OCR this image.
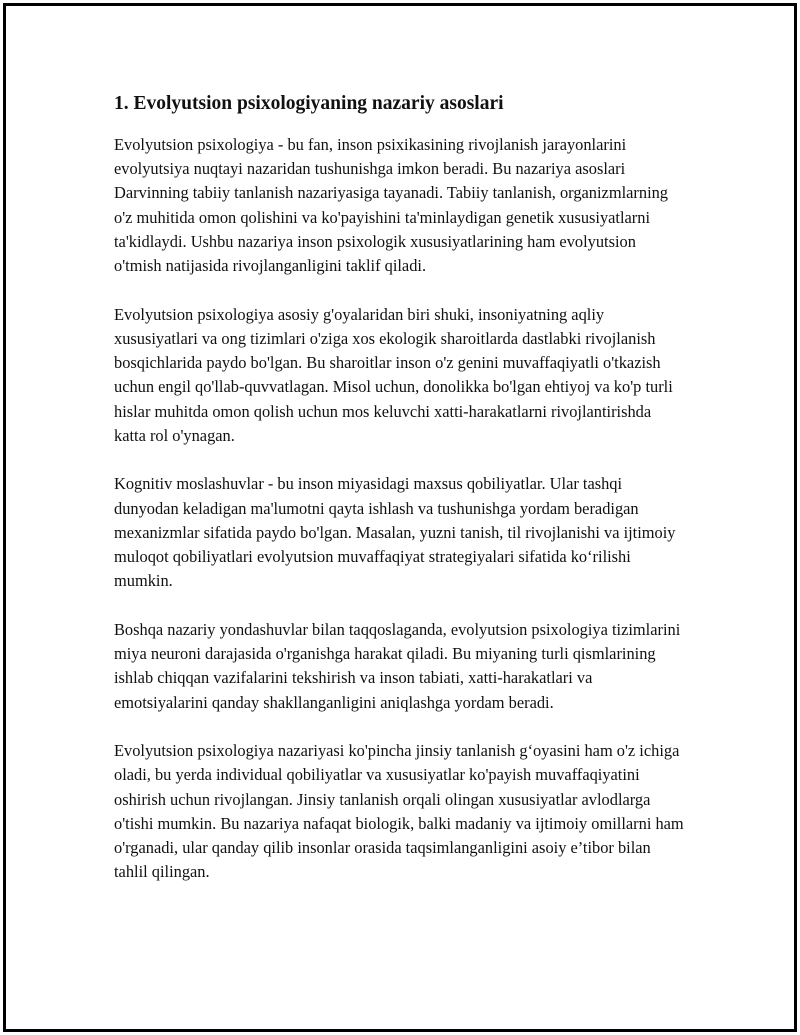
1. Evolyutsion psixologiyaning nazariy asoslari

Evolyutsion psixologiya - bu fan, inson psixikasining rivojlanish jarayonlarini evolyutsiya nuqtayi nazaridan tushunishga imkon beradi. Bu nazariya asoslari Darvinning tabiiy tanlanish nazariyasiga tayanadi. Tabiiy tanlanish, organizmlarning o'z muhitida omon qolishini va ko'payishini ta'minlaydigan genetik xususiyatlarni ta'kidlaydi. Ushbu nazariya inson psixologik xususiyatlarining ham evolyutsion o'tmish natijasida rivojlanganligini taklif qiladi.

Evolyutsion psixologiya asosiy g'oyalaridan biri shuki, insoniyatning aqliy xususiyatlari va ong tizimlari o'ziga xos ekologik sharoitlarda dastlabki rivojlanish bosqichlarida paydo bo'lgan. Bu sharoitlar inson o'z genini muvaffaqiyatli o'tkazish uchun engil qo'llab-quvvatlagan. Misol uchun, donolikka bo'lgan ehtiyoj va ko'p turli hislar muhitda omon qolish uchun mos keluvchi xatti-harakatlarni rivojlantirishda katta rol o'ynagan.

Kognitiv moslashuvlar - bu inson miyasidagi maxsus qobiliyatlar. Ular tashqi dunyodan keladigan ma'lumotni qayta ishlash va tushunishga yordam beradigan mexanizmlar sifatida paydo bo'lgan. Masalan, yuzni tanish, til rivojlanishi va ijtimoiy muloqot qobiliyatlari evolyutsion muvaffaqiyat strategiyalari sifatida ko‘rilishi mumkin.

Boshqa nazariy yondashuvlar bilan taqqoslaganda, evolyutsion psixologiya tizimlarini miya neuroni darajasida o'rganishga harakat qiladi. Bu miyaning turli qismlarining ishlab chiqqan vazifalarini tekshirish va inson tabiati, xatti-harakatlari va emotsiyalarini qanday shakllanganligini aniqlashga yordam beradi.

Evolyutsion psixologiya nazariyasi ko'pincha jinsiy tanlanish g‘oyasini ham o'z ichiga oladi, bu yerda individual qobiliyatlar va xususiyatlar ko'payish muvaffaqiyatini oshirish uchun rivojlangan. Jinsiy tanlanish orqali olingan xususiyatlar avlodlarga o'tishi mumkin. Bu nazariya nafaqat biologik, balki madaniy va ijtimoiy omillarni ham o'rganadi, ular qanday qilib insonlar orasida taqsimlanganligini asoiy e’tibor bilan tahlil qilingan.
